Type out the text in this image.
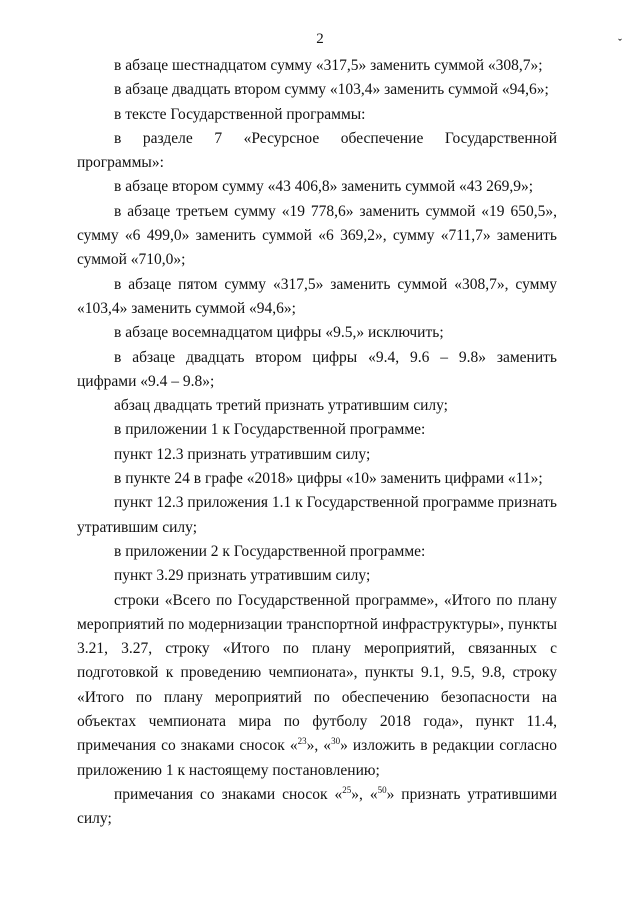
2	ˇ

в абзаце шестнадцатом сумму «317,5» заменить суммой «308,7»;

в абзаце двадцать втором сумму «103,4» заменить суммой «94,6»;

в тексте Государственной программы:

в разделе 7 «Ресурсное обеспечение Государственной программы»:

в абзаце втором сумму «43 406,8» заменить суммой «43 269,9»;

в абзаце третьем сумму «19 778,6» заменить суммой «19 650,5», сумму «6 499,0» заменить суммой «6 369,2», сумму «711,7» заменить суммой «710,0»;

в абзаце пятом сумму «317,5» заменить суммой «308,7», сумму «103,4» заменить суммой «94,6»;

в абзаце восемнадцатом цифры «9.5,» исключить;

в абзаце двадцать втором цифры «9.4, 9.6 – 9.8» заменить цифрами «9.4 – 9.8»;

абзац двадцать третий признать утратившим силу;

в приложении 1 к Государственной программе:

пункт 12.3 признать утратившим силу;

в пункте 24 в графе «2018» цифры «10» заменить цифрами «11»;

пункт 12.3 приложения 1.1 к Государственной программе признать утратившим силу;

в приложении 2 к Государственной программе:

пункт 3.29 признать утратившим силу;

строки «Всего по Государственной программе», «Итого по плану мероприятий по модернизации транспортной инфраструктуры», пункты 3.21, 3.27, строку «Итого по плану мероприятий, связанных с подготовкой к проведению чемпионата», пункты 9.1, 9.5, 9.8, строку «Итого по плану мероприятий по обеспечению безопасности на объектах чемпионата мира по футболу 2018 года», пункт 11.4, примечания со знаками сносок «$^{23}$», «$^{30}$» изложить в редакции согласно приложению 1 к настоящему постановлению;

примечания со знаками сносок «$^{25}$», «$^{50}$» признать утратившими силу;
